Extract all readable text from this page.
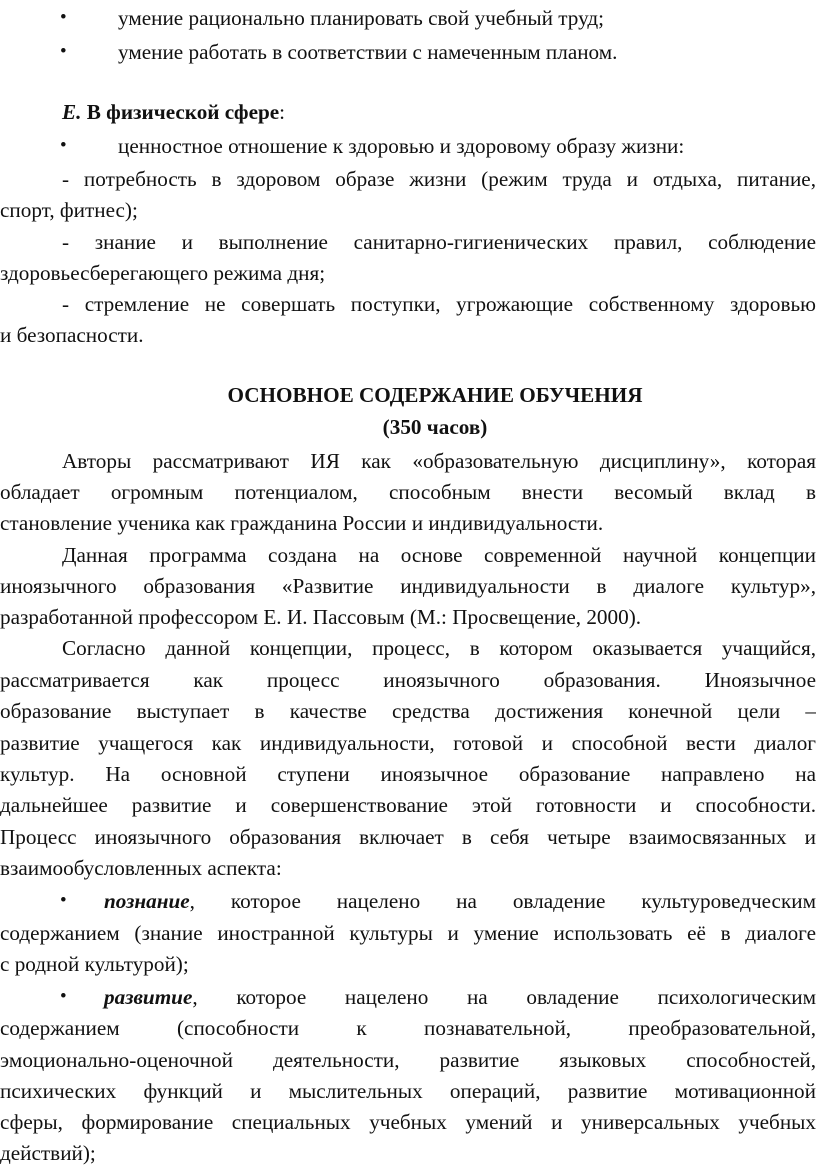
• умение рационально планировать свой учебный труд;
• умение работать в соответствии с намеченным планом.
Е. В физической сфере:
• ценностное отношение к здоровью и здоровому образу жизни:
- потребность в здоровом образе жизни (режим труда и отдыха, питание,
спорт, фитнес);
- знание и выполнение санитарно-гигиенических правил, соблюдение
здоровьесберегающего режима дня;
- стремление не совершать поступки, угрожающие собственному здоровью
и безопасности.
ОСНОВНОЕ СОДЕРЖАНИЕ ОБУЧЕНИЯ
(350 часов)
Авторы рассматривают ИЯ как «образовательную дисциплину», которая
обладает огромным потенциалом, способным внести весомый вклад в
становление ученика как гражданина России и индивидуальности.
Данная программа создана на основе современной научной концепции
иноязычного образования «Развитие индивидуальности в диалоге культур»,
разработанной профессором Е. И. Пассовым (М.: Просвещение, 2000).
Согласно данной концепции, процесс, в котором оказывается учащийся,
рассматривается как процесс иноязычного образования. Иноязычное
образование выступает в качестве средства достижения конечной цели –
развитие учащегося как индивидуальности, готовой и способной вести диалог
культур. На основной ступени иноязычное образование направлено на
дальнейшее развитие и совершенствование этой готовности и способности.
Процесс иноязычного образования включает в себя четыре взаимосвязанных и
взаимообусловленных аспекта:
• познание, которое нацелено на овладение культуроведческим
содержанием (знание иностранной культуры и умение использовать её в диалоге
с родной культурой);
• развитие, которое нацелено на овладение психологическим
содержанием (способности к познавательной, преобразовательной,
эмоционально-оценочной деятельности, развитие языковых способностей,
психических функций и мыслительных операций, развитие мотивационной
сферы, формирование специальных учебных умений и универсальных учебных
действий);
